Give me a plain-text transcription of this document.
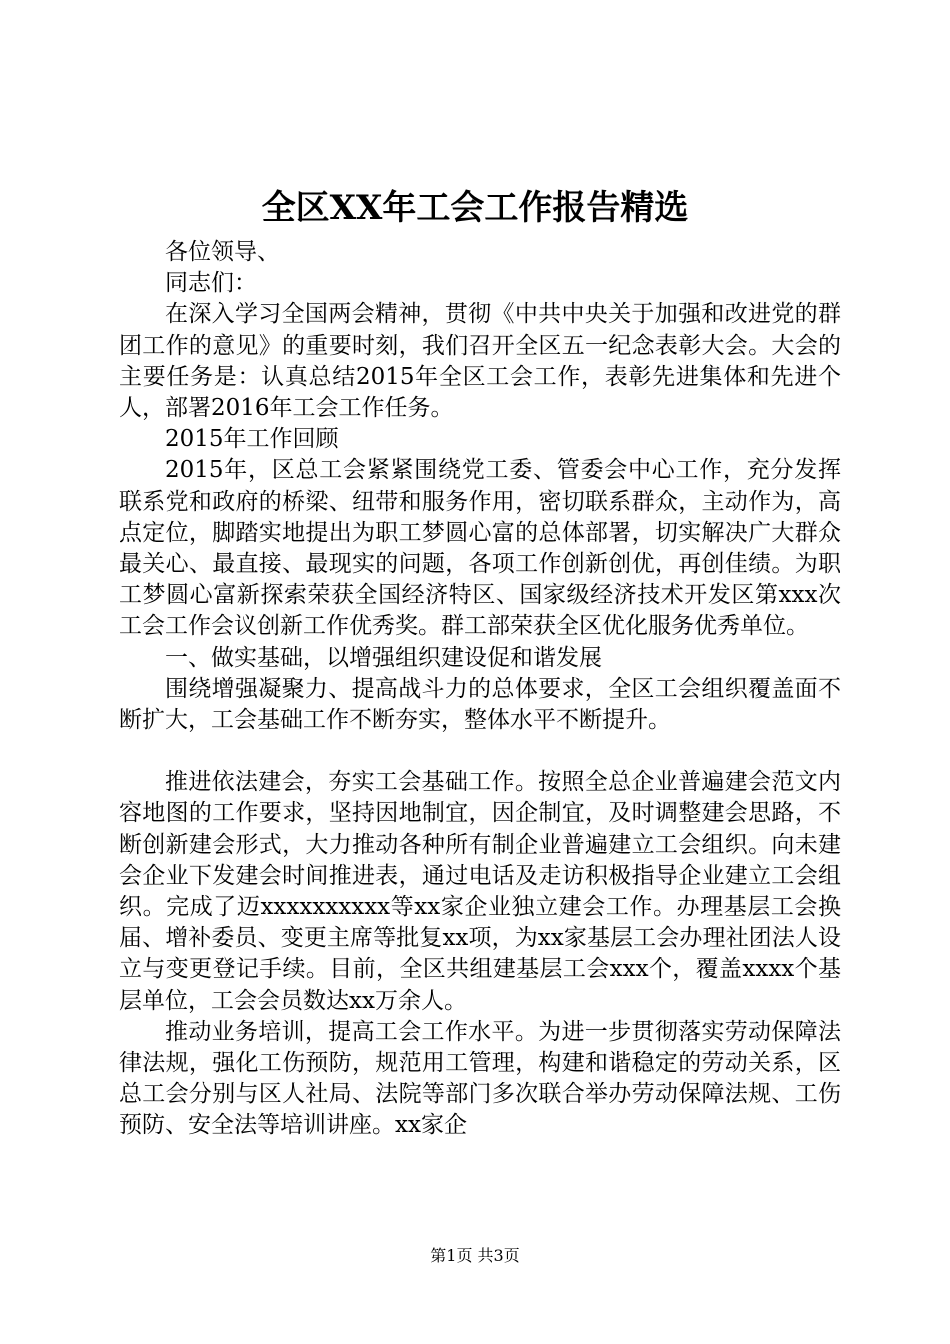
全区XX年工会工作报告精选

各位领导、

同志们：

在深入学习全国两会精神，贯彻《中共中央关于加强和改进党的群团工作的意见》的重要时刻，我们召开全区五一纪念表彰大会。大会的主要任务是：认真总结2015年全区工会工作，表彰先进集体和先进个人，部署2016年工会工作任务。

2015年工作回顾

2015年，区总工会紧紧围绕党工委、管委会中心工作，充分发挥联系党和政府的桥梁、纽带和服务作用，密切联系群众，主动作为，高点定位，脚踏实地提出为职工梦圆心富的总体部署，切实解决广大群众最关心、最直接、最现实的问题，各项工作创新创优，再创佳绩。为职工梦圆心富新探索荣获全国经济特区、国家级经济技术开发区第xxx次工会工作会议创新工作优秀奖。群工部荣获全区优化服务优秀单位。

一、做实基础，以增强组织建设促和谐发展

围绕增强凝聚力、提高战斗力的总体要求，全区工会组织覆盖面不断扩大，工会基础工作不断夯实，整体水平不断提升。

推进依法建会，夯实工会基础工作。按照全总企业普遍建会范文内容地图的工作要求，坚持因地制宜，因企制宜，及时调整建会思路，不断创新建会形式，大力推动各种所有制企业普遍建立工会组织。向未建会企业下发建会时间推进表，通过电话及走访积极指导企业建立工会组织。完成了迈xxxxxxxxxx等xx家企业独立建会工作。办理基层工会换届、增补委员、变更主席等批复xx项，为xx家基层工会办理社团法人设立与变更登记手续。目前，全区共组建基层工会xxx个，覆盖xxxx个基层单位，工会会员数达xx万余人。

推动业务培训，提高工会工作水平。为进一步贯彻落实劳动保障法律法规，强化工伤预防，规范用工管理，构建和谐稳定的劳动关系，区总工会分别与区人社局、法院等部门多次联合举办劳动保障法规、工伤预防、安全法等培训讲座。xx家企

第1页 共3页
